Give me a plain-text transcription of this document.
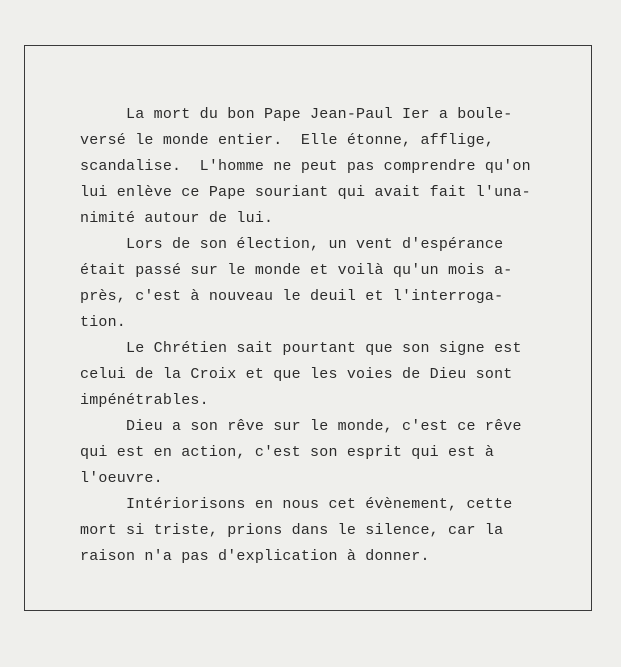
La mort du bon Pape Jean-Paul Ier a boule-
versé le monde entier.  Elle étonne, afflige,
scandalise.  L'homme ne peut pas comprendre qu'on
lui enlève ce Pape souriant qui avait fait l'una-
nimité autour de lui.

Lors de son élection, un vent d'espérance
était passé sur le monde et voilà qu'un mois a-
près, c'est à nouveau le deuil et l'interroga-
tion.

Le Chrétien sait pourtant que son signe est
celui de la Croix et que les voies de Dieu sont
impénétrables.

Dieu a son rêve sur le monde, c'est ce rêve
qui est en action, c'est son esprit qui est à
l'oeuvre.

Intériorisons en nous cet évènement, cette
mort si triste, prions dans le silence, car la
raison n'a pas d'explication à donner.
